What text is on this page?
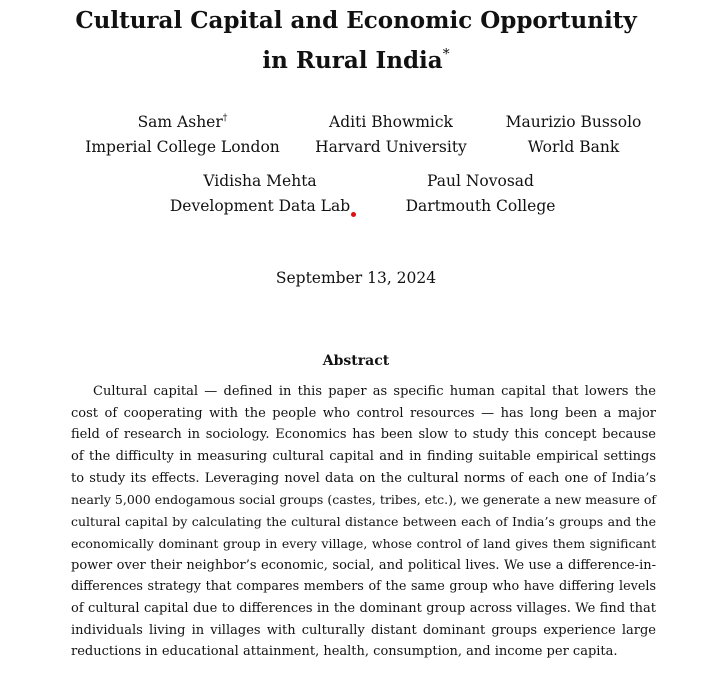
Cultural Capital and Economic Opportunity
in Rural India*
Sam Asher†
Imperial College London
Aditi Bhowmick
Harvard University
Maurizio Bussolo
World Bank
Vidisha Mehta
Development Data Lab
Paul Novosad
Dartmouth College
September 13, 2024
Abstract
Cultural capital — defined in this paper as specific human capital that lowers the
cost of cooperating with the people who control resources — has long been a major
field of research in sociology. Economics has been slow to study this concept because
of the difficulty in measuring cultural capital and in finding suitable empirical settings
to study its effects. Leveraging novel data on the cultural norms of each one of India’s
nearly 5,000 endogamous social groups (castes, tribes, etc.), we generate a new measure of
cultural capital by calculating the cultural distance between each of India’s groups and the
economically dominant group in every village, whose control of land gives them significant
power over their neighbor’s economic, social, and political lives. We use a difference-in-
differences strategy that compares members of the same group who have differing levels
of cultural capital due to differences in the dominant group across villages. We find that
individuals living in villages with culturally distant dominant groups experience large
reductions in educational attainment, health, consumption, and income per capita.
